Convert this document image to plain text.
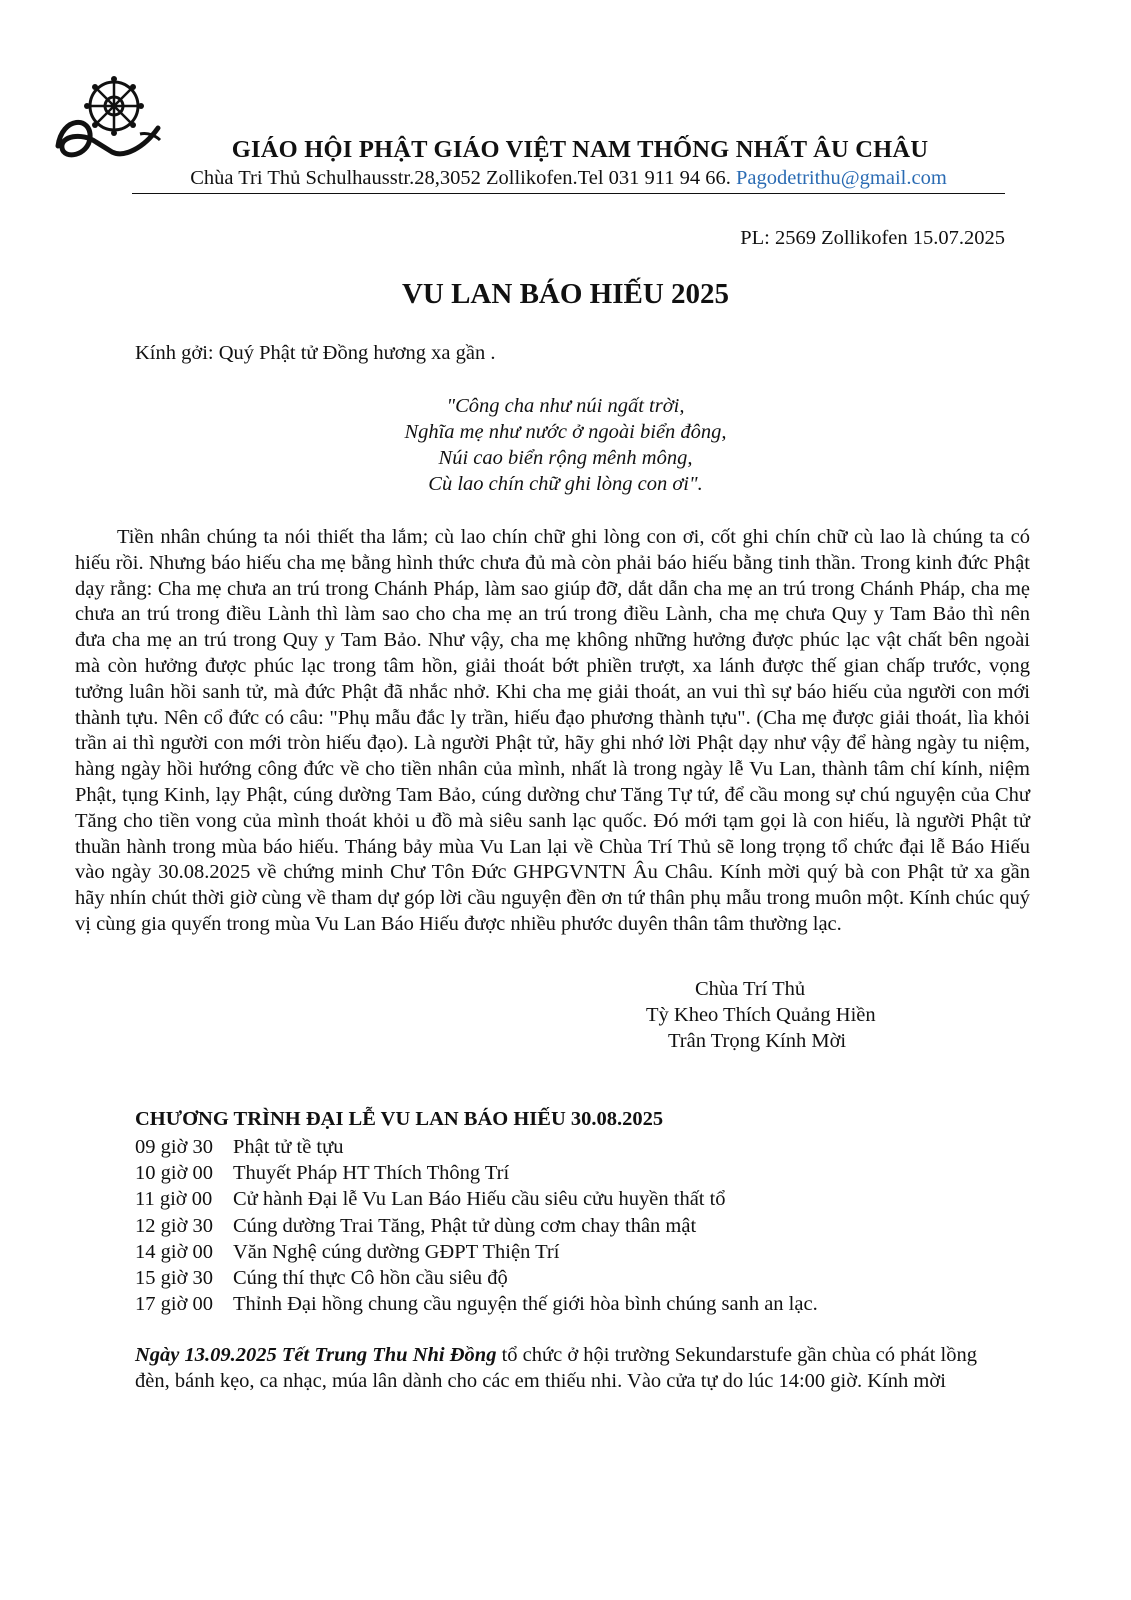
GIÁO HỘI PHẬT GIÁO VIỆT NAM THỐNG NHẤT ÂU CHÂU
Chùa Tri Thủ Schulhausstr.28,3052 Zollikofen.Tel 031 911 94 66. Pagodetrithu@gmail.com
PL: 2569 Zollikofen 15.07.2025
VU LAN BÁO HIẾU 2025
Kính gởi: Quý Phật tử Đồng hương xa gần .
"Công cha như núi ngất trời,
Nghĩa mẹ như nước ở ngoài biển đông,
Núi cao biển rộng mênh mông,
Cù lao chín chữ ghi lòng con ơi".
Tiền nhân chúng ta nói thiết tha lắm; cù lao chín chữ ghi lòng con ơi, cốt ghi chín chữ cù lao là chúng ta có hiếu rồi. Nhưng báo hiếu cha mẹ bằng hình thức chưa đủ mà còn phải báo hiếu bằng tinh thần. Trong kinh đức Phật dạy rằng: Cha mẹ chưa an trú trong Chánh Pháp, làm sao giúp đỡ, dắt dẫn cha mẹ an trú trong Chánh Pháp, cha mẹ chưa an trú trong điều Lành thì làm sao cho cha mẹ an trú trong điều Lành, cha mẹ chưa Quy y Tam Bảo thì nên đưa cha mẹ an trú trong Quy y Tam Bảo. Như vậy, cha mẹ không những hưởng được phúc lạc vật chất bên ngoài mà còn hưởng được phúc lạc trong tâm hồn, giải thoát bớt phiền trượt, xa lánh được thế gian chấp trước, vọng tưởng luân hồi sanh tử, mà đức Phật đã nhắc nhở. Khi cha mẹ giải thoát, an vui thì sự báo hiếu của người con mới thành tựu. Nên cổ đức có câu: "Phụ mẫu đắc ly trần, hiếu đạo phương thành tựu". (Cha mẹ được giải thoát, lìa khỏi trần ai thì người con mới tròn hiếu đạo). Là người Phật tử, hãy ghi nhớ lời Phật dạy như vậy để hàng ngày tu niệm, hàng ngày hồi hướng công đức về cho tiền nhân của mình, nhất là trong ngày lễ Vu Lan, thành tâm chí kính, niệm Phật, tụng Kinh, lạy Phật, cúng dường Tam Bảo, cúng dường chư Tăng Tự tứ, để cầu mong sự chú nguyện của Chư Tăng cho tiền vong của mình thoát khỏi u đồ mà siêu sanh lạc quốc. Đó mới tạm gọi là con hiếu, là người Phật tử thuần hành trong mùa báo hiếu. Tháng bảy mùa Vu Lan lại về Chùa Trí Thủ sẽ long trọng tổ chức đại lễ Báo Hiếu vào ngày 30.08.2025 về chứng minh Chư Tôn Đức GHPGVNTN Âu Châu. Kính mời quý bà con Phật tử xa gần hãy nhín chút thời giờ cùng về tham dự góp lời cầu nguyện đền ơn tứ thân phụ mẫu trong muôn một. Kính chúc quý vị cùng gia quyến trong mùa Vu Lan Báo Hiếu được nhiều phước duyên thân tâm thường lạc.
Chùa Trí Thủ
Tỳ Kheo Thích Quảng Hiền
Trân Trọng Kính Mời
CHƯƠNG TRÌNH ĐẠI LỄ VU LAN BÁO HIẾU 30.08.2025
09 giờ 30 Phật tử tề tựu
10 giờ 00 Thuyết Pháp HT Thích Thông Trí
11 giờ 00 Cử hành Đại lễ Vu Lan Báo Hiếu cầu siêu cửu huyền thất tổ
12 giờ 30 Cúng dường Trai Tăng, Phật tử dùng cơm chay thân mật
14 giờ 00 Văn Nghệ cúng dường GĐPT Thiện Trí
15 giờ 30 Cúng thí thực Cô hồn cầu siêu độ
17 giờ 00 Thỉnh Đại hồng chung cầu nguyện thế giới hòa bình chúng sanh an lạc.
Ngày 13.09.2025 Tết Trung Thu Nhi Đồng tổ chức ở hội trường Sekundarstufe gần chùa có phát lồng đèn, bánh kẹo, ca nhạc, múa lân dành cho các em thiếu nhi. Vào cửa tự do lúc 14:00 giờ. Kính mời
